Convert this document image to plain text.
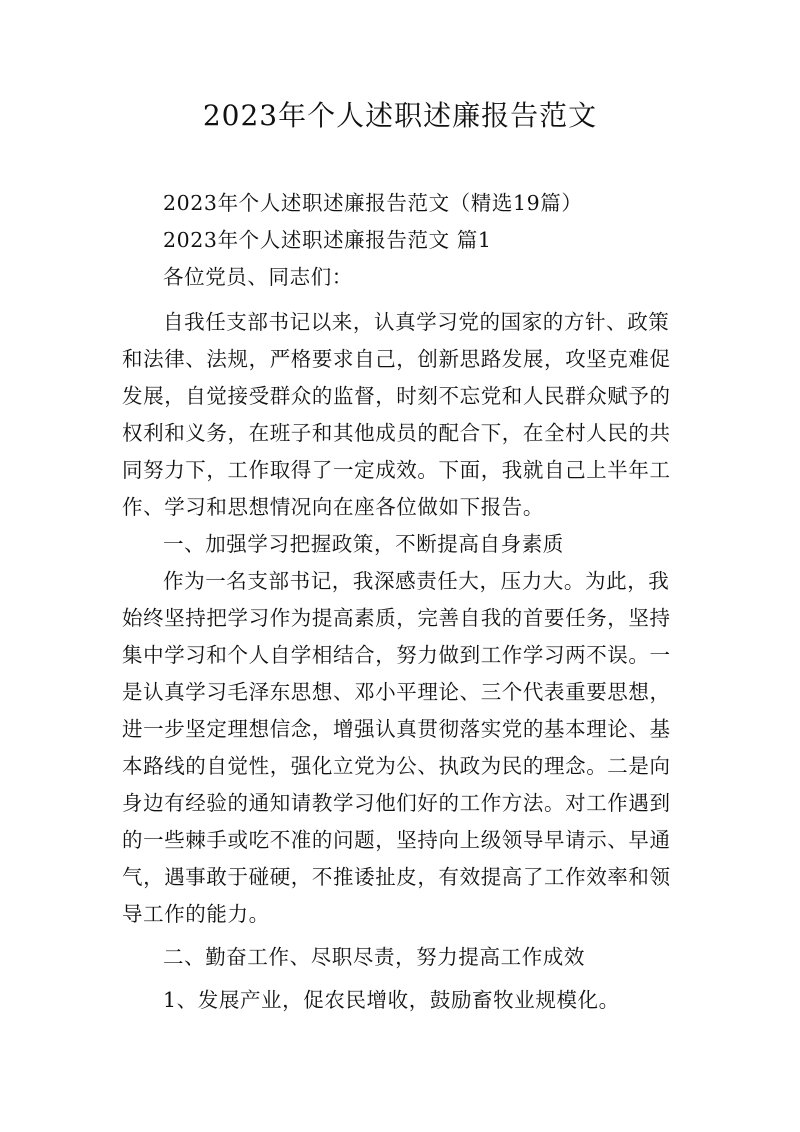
2023年个人述职述廉报告范文
2023年个人述职述廉报告范文（精选19篇）
2023年个人述职述廉报告范文 篇1
各位党员、同志们：
自我任支部书记以来，认真学习党的国家的方针、政策
和法律、法规，严格要求自己，创新思路发展，攻坚克难促
发展，自觉接受群众的监督，时刻不忘党和人民群众赋予的
权利和义务，在班子和其他成员的配合下，在全村人民的共
同努力下，工作取得了一定成效。下面，我就自己上半年工
作、学习和思想情况向在座各位做如下报告。
一、加强学习把握政策，不断提高自身素质
作为一名支部书记，我深感责任大，压力大。为此，我
始终坚持把学习作为提高素质，完善自我的首要任务，坚持
集中学习和个人自学相结合，努力做到工作学习两不误。一
是认真学习毛泽东思想、邓小平理论、三个代表重要思想，
进一步坚定理想信念，增强认真贯彻落实党的基本理论、基
本路线的自觉性，强化立党为公、执政为民的理念。二是向
身边有经验的通知请教学习他们好的工作方法。对工作遇到
的一些棘手或吃不准的问题，坚持向上级领导早请示、早通
气，遇事敢于碰硬，不推诿扯皮，有效提高了工作效率和领
导工作的能力。
二、勤奋工作、尽职尽责，努力提高工作成效
1、发展产业，促农民增收，鼓励畜牧业规模化。
